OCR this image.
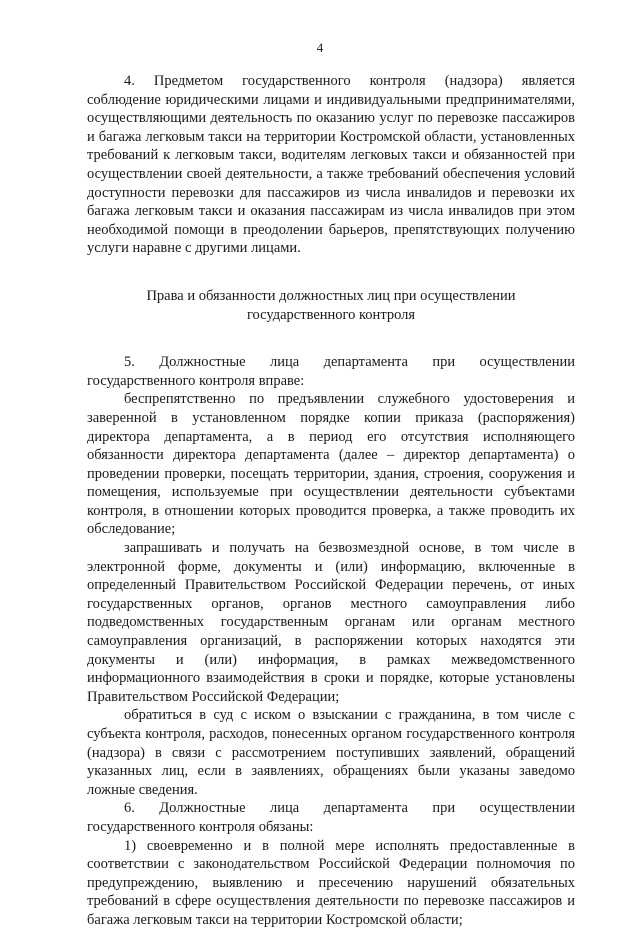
4

4. Предметом государственного контроля (надзора) является соблюдение юридическими лицами и индивидуальными предпринимателями, осуществляющими деятельность по оказанию услуг по перевозке пассажиров и багажа легковым такси на территории Костромской области, установленных требований к легковым такси, водителям легковых такси и обязанностей при осуществлении своей деятельности, а также требований обеспечения условий доступности перевозки для пассажиров из числа инвалидов и перевозки их багажа легковым такси и оказания пассажирам из числа инвалидов при этом необходимой помощи в преодолении барьеров, препятствующих получению услуги наравне с другими лицами.

Права и обязанности должностных лиц при осуществлении

государственного контроля

5. Должностные лица департамента при осуществлении государственного контроля вправе:

беспрепятственно по предъявлении служебного удостоверения и заверенной в установленном порядке копии приказа (распоряжения) директора департамента, а в период его отсутствия исполняющего обязанности директора департамента (далее – директор департамента) о проведении проверки, посещать территории, здания, строения, сооружения и помещения, используемые при осуществлении деятельности субъектами контроля, в отношении которых проводится проверка, а также проводить их обследование;

запрашивать и получать на безвозмездной основе, в том числе в электронной форме, документы и (или) информацию, включенные в определенный Правительством Российской Федерации перечень, от иных государственных органов, органов местного самоуправления либо подведомственных государственным органам или органам местного самоуправления организаций, в распоряжении которых находятся эти документы и (или) информация, в рамках межведомственного информационного взаимодействия в сроки и порядке, которые установлены Правительством Российской Федерации;

обратиться в суд с иском о взыскании с гражданина, в том числе с субъекта контроля, расходов, понесенных органом государственного контроля (надзора) в связи с рассмотрением поступивших заявлений, обращений указанных лиц, если в заявлениях, обращениях были указаны заведомо ложные сведения.

6. Должностные лица департамента при осуществлении государственного контроля обязаны:

1) своевременно и в полной мере исполнять предоставленные в соответствии с законодательством Российской Федерации полномочия по предупреждению, выявлению и пресечению нарушений обязательных требований в сфере осуществления деятельности по перевозке пассажиров и багажа легковым такси на территории Костромской области;
